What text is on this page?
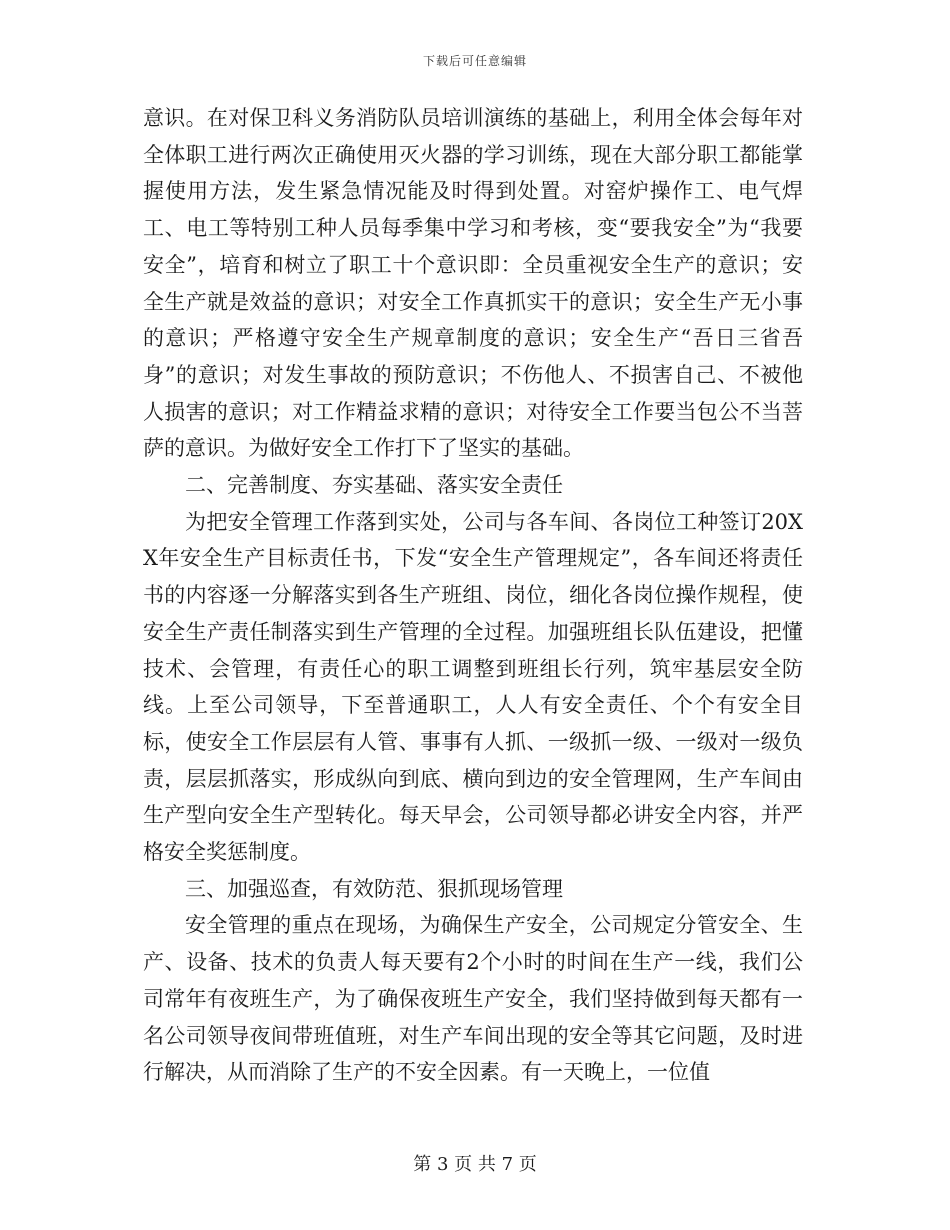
下载后可任意编辑

意识。在对保卫科义务消防队员培训演练的基础上，利用全体会每年对全体职工进行两次正确使用灭火器的学习训练，现在大部分职工都能掌握使用方法，发生紧急情况能及时得到处置。对窑炉操作工、电气焊工、电工等特别工种人员每季集中学习和考核，变“要我安全”为“我要安全”，培育和树立了职工十个意识即：全员重视安全生产的意识；安全生产就是效益的意识；对安全工作真抓实干的意识；安全生产无小事的意识；严格遵守安全生产规章制度的意识；安全生产“吾日三省吾身”的意识；对发生事故的预防意识；不伤他人、不损害自己、不被他人损害的意识；对工作精益求精的意识；对待安全工作要当包公不当菩萨的意识。为做好安全工作打下了坚实的基础。

二、完善制度、夯实基础、落实安全责任

为把安全管理工作落到实处，公司与各车间、各岗位工种签订20XX年安全生产目标责任书，下发“安全生产管理规定”，各车间还将责任书的内容逐一分解落实到各生产班组、岗位，细化各岗位操作规程，使安全生产责任制落实到生产管理的全过程。加强班组长队伍建设，把懂技术、会管理，有责任心的职工调整到班组长行列，筑牢基层安全防线。上至公司领导，下至普通职工，人人有安全责任、个个有安全目标，使安全工作层层有人管、事事有人抓、一级抓一级、一级对一级负责，层层抓落实，形成纵向到底、横向到边的安全管理网，生产车间由生产型向安全生产型转化。每天早会，公司领导都必讲安全内容，并严格安全奖惩制度。

三、加强巡查，有效防范、狠抓现场管理

安全管理的重点在现场，为确保生产安全，公司规定分管安全、生产、设备、技术的负责人每天要有2个小时的时间在生产一线，我们公司常年有夜班生产，为了确保夜班生产安全，我们坚持做到每天都有一名公司领导夜间带班值班，对生产车间出现的安全等其它问题，及时进行解决，从而消除了生产的不安全因素。有一天晚上，一位值

第 3 页 共 7 页
